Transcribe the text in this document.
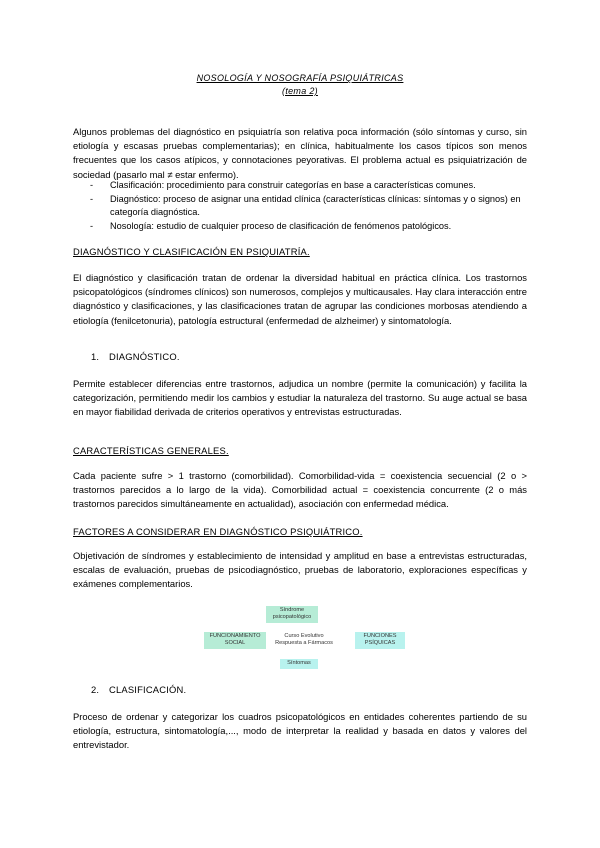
NOSOLOGÍA Y NOSOGRAFÍA PSIQUIÁTRICAS
(tema 2)

Algunos problemas del diagnóstico en psiquiatría son relativa poca información (sólo síntomas y curso, sin etiología y escasas pruebas complementarias); en clínica, habitualmente los casos típicos son menos frecuentes que los casos atípicos, y connotaciones peyorativas. El problema actual es psiquiatrización de sociedad (pasarlo mal ≠ estar enfermo).

- Clasificación: procedimiento para construir categorías en base a características comunes.
- Diagnóstico: proceso de asignar una entidad clínica (características clínicas: síntomas y o signos) en categoría diagnóstica.
- Nosología: estudio de cualquier proceso de clasificación de fenómenos patológicos.
DIAGNÓSTICO Y CLASIFICACIÓN EN PSIQUIATRÍA.

El diagnóstico y clasificación tratan de ordenar la diversidad habitual en práctica clínica. Los trastornos psicopatológicos (síndromes clínicos) son numerosos, complejos y multicausales. Hay clara interacción entre diagnóstico y clasificaciones, y las clasificaciones tratan de agrupar las condiciones morbosas atendiendo a etiología (fenilcetonuria), patología estructural (enfermedad de alzheimer) y sintomatología.

1. DIAGNÓSTICO.

Permite establecer diferencias entre trastornos, adjudica un nombre (permite la comunicación) y facilita la categorización, permitiendo medir los cambios y estudiar la naturaleza del trastorno. Su auge actual se basa en mayor fiabilidad derivada de criterios operativos y entrevistas estructuradas.

CARACTERÍSTICAS GENERALES.

Cada paciente sufre > 1 trastorno (comorbilidad). Comorbilidad-vida = coexistencia secuencial (2 o > trastornos parecidos a lo largo de la vida). Comorbilidad actual = coexistencia concurrente (2 o más trastornos parecidos simultáneamente en actualidad), asociación con enfermedad médica.

FACTORES A CONSIDERAR EN DIAGNÓSTICO PSIQUIÁTRICO.

Objetivación de síndromes y establecimiento de intensidad y amplitud en base a entrevistas estructuradas, escalas de evaluación, pruebas de psicodiagnóstico, pruebas de laboratorio, exploraciones específicas y exámenes complementarios.

Síndrome
psicopatológico
FUNCIONAMIENTO
SOCIAL
Curso Evolutivo
Respuesta a Fármacos
FUNCIONES
PSÍQUICAS
Síntomas
2. CLASIFICACIÓN.

Proceso de ordenar y categorizar los cuadros psicopatológicos en entidades coherentes partiendo de su etiología, estructura, sintomatología,..., modo de interpretar la realidad y basada en datos y valores del entrevistador.
